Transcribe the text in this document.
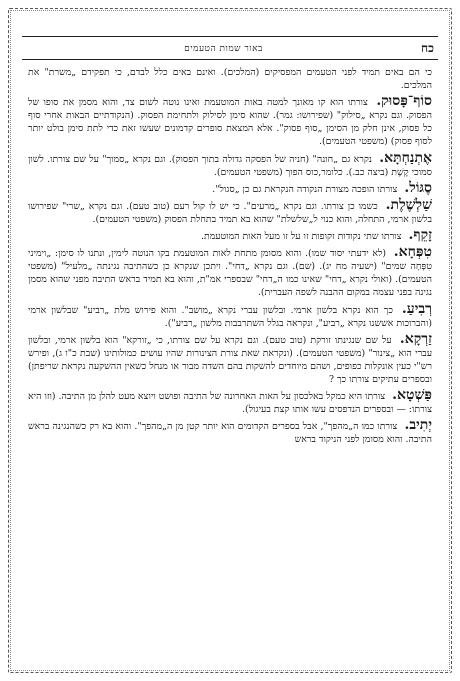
כח
באור שמות הטעמים

כי הם באים תמיד לפני הטעמים המפסיקים (המלכים). ואינם באים כלל לבדם, כי תפקידם „משרת" את המלכים.

סוֹף־פָּסוּק. צורתו הוא קו מאונך למטה באות המוטעמת ואינו נוטה לשום צד, והוא מסמן את סופו של הפסוק. וגם נקרא „סילוק" (שפירושו: גמר). שהוא סימן לסילוק ולתחימת הפסוק. (הנקודתיים הבאות אחרי סוף כל פסוק, אינן חלק מן הסימן „סוף פסוק". אלא המצאת סופרים קדמונים שעשו זאת כדי לתת סימן בולט יותר לסוף פסוק) (משפטי הטעמים).

אֶתְנַחְתָּא. נקרא גם „חונה" (חניה של הפסקה גדולה בתוך הפסוק). וגם נקרא „סמוך" על שם צורתו. לשון סמוכי קֶשֶׁת (ביצה כב.). כלומר,כוס הפוך (משפטי הטעמים).

סֶגּוֹל. צורתו הופכה מצורת הנקודה הנקראת גם כן „סגול".

שַׁלְשֶׁלֶת. כשמו כן צורתו. וגם נקרא „מרעים". כי יש לו קול רעם (טוב טעם). וגם נקרא „שרי" שפירושו בלשון ארמי, התחלה, והוא כנוי ל„שלשלת" שהוא בא תמיד בתחלת הפסוק (משפטי הטעמים).

זָקֵף. צורתו שתי נקודות זקופות זו על זו מעל האות המוטעמת.

טִפְּחָא. (לא ידעתי יסוד שמו). והוא מסומן מתחת לאות המוטעמת בקו הנוטה לימין, ונתנו לו סימן: „וימיני טִפְּחָה שמים" (ישעיה מח יג). (שם). וגם נקרא „דחי". ויתכן שנקרא כן כשהתיבה נגינתה „מלעיל" (משפטי הטעמים). (ואולי נקרא „דחי" שאינו כמו ה„דחי" שבספרי אמ"ת, והוא בא תמיד בראש התיבה מפני שהוא מסמן נגינה בפני עצמה במקום ההבנה לשפה העברית).

רְבִיעַ. כך הוא נקרא בלשון ארמי. ובלשון עברי נקרא „מושב". והוא פירוש מלת „רביע" שבלשון ארמי (והברוכות אששנו נקרא „רביע", ונקראה בגלל השתרבבות מלשון „רביע").

זַרְקָא. על שם שנגינתו זורקת (טוב טעם). וגם נקרא על שם צורתו, כי „זורקא" הוא בלשון ארמי, ובלשון עברי הוא „צינור" (משפטי הטעמים). (ונקראת שאת צורת הצינורות שהיו עושים כמולותינו (שבת כ"ו ג), ופירש רש"י כעין אונקלות כפופים, ושהם מיוחדים להשקות בהם השדה מבור או מנחל כשאין ההשקעה נקראת שריפתן) ובספרים עתיקים צורתו כך ?

פַּשְׁטָא. צורתו היא כמקל באלכסון על האות האחרונה של התיבה ופושט ויוצא מעט להלן מן התיבה. (וזו היא צורתו: — ובספרים הנדפסים עשו אותו קצת בעיגול).

יְתִיב. צורתו כמו ה„מהפך", אבל בספרים הקדומים הוא יותר קטן מן ה„מהפך". והוא בא רק כשהנגינה בראש התיבה. והוא מסומן לפני הניקוד בראש
